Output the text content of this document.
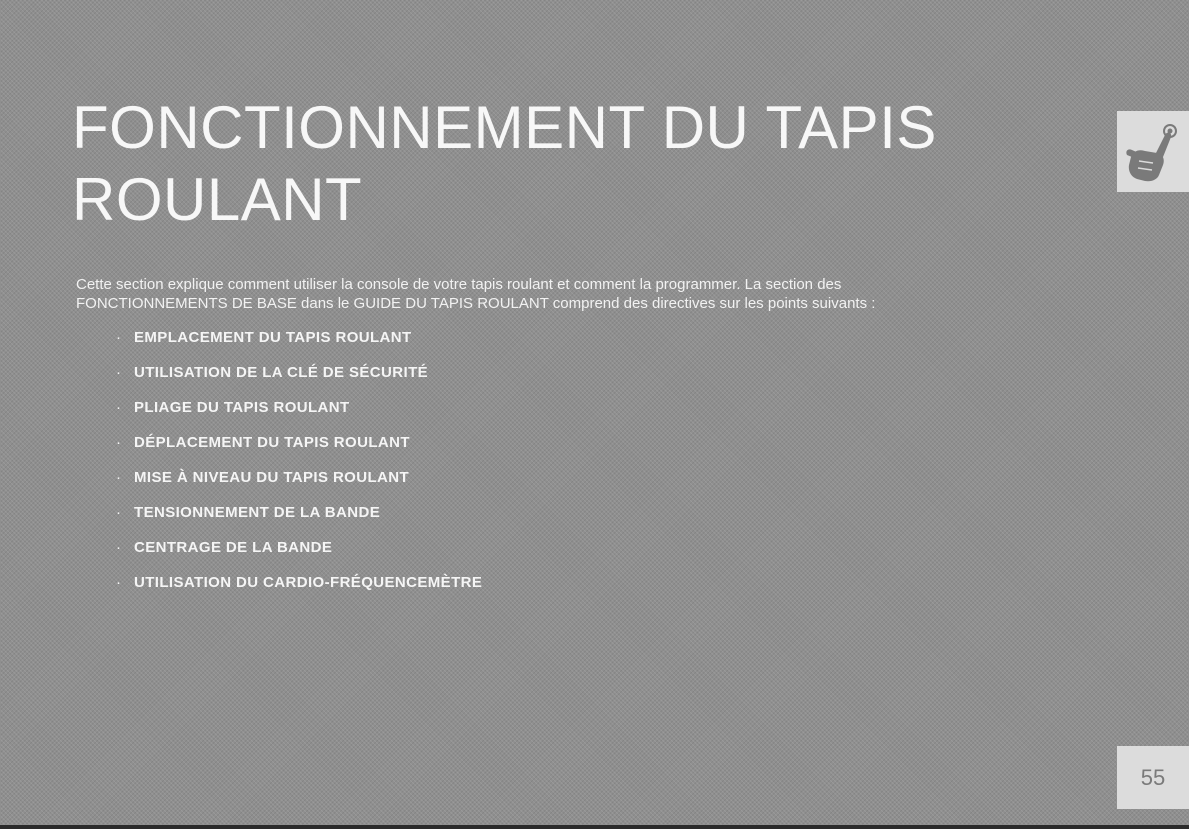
FONCTIONNEMENT DU TAPIS
ROULANT

Cette section explique comment utiliser la console de votre tapis roulant et comment la programmer. La section des FONCTIONNEMENTS DE BASE dans le GUIDE DU TAPIS ROULANT comprend des directives sur les points suivants :

· EMPLACEMENT DU TAPIS ROULANT
· UTILISATION DE LA CLÉ DE SÉCURITÉ
· PLIAGE DU TAPIS ROULANT
· DÉPLACEMENT DU TAPIS ROULANT
· MISE À NIVEAU DU TAPIS ROULANT
· TENSIONNEMENT DE LA BANDE
· CENTRAGE DE LA BANDE
· UTILISATION DU CARDIO-FRÉQUENCEMÈTRE
55
